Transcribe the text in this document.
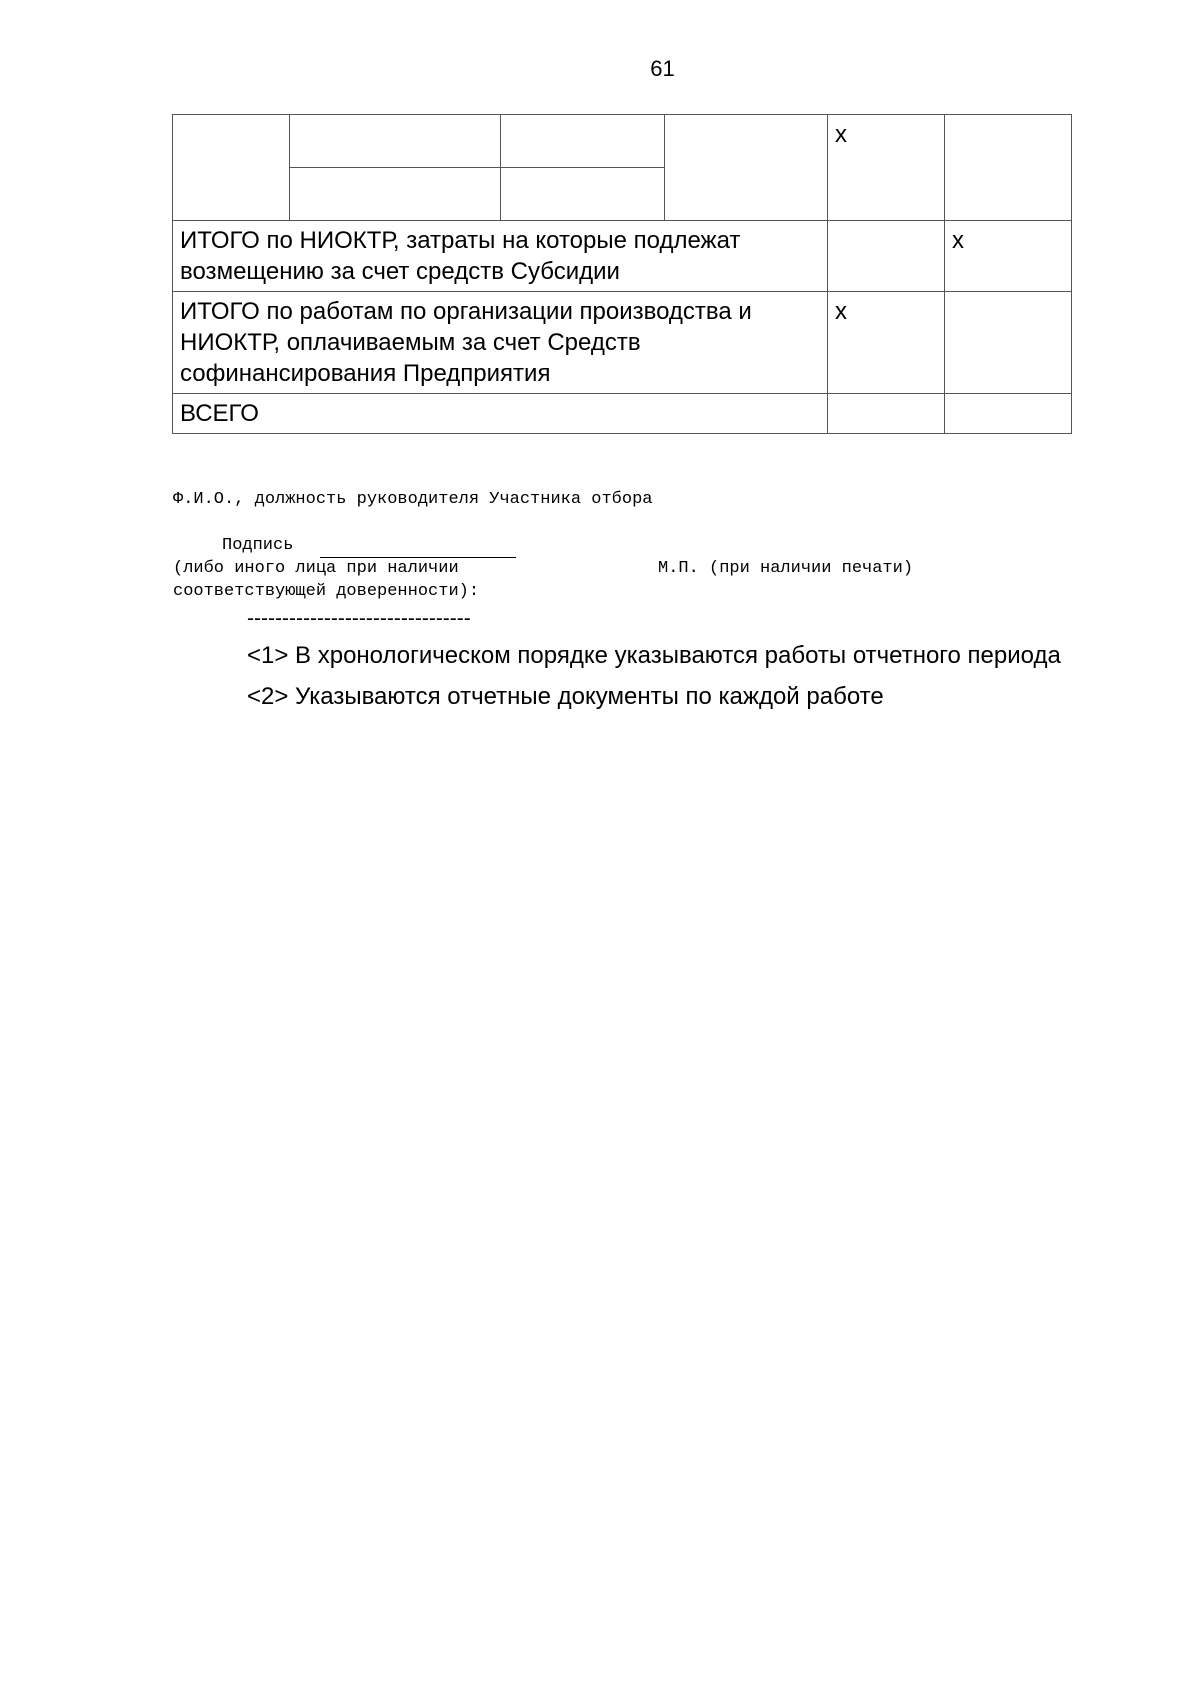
61
				x	

ИТОГО по НИОКТР, затраты на которые подлежат возмещению за счет средств Субсидии					x
ИТОГО по работам по организации производства и НИОКТР, оплачиваемым за счет Средств софинансирования Предприятия				x	
ВСЕГО					
Ф.И.О., должность руководителя Участника отбора
Подпись
(либо иного лица при наличии	М.П. (при наличии печати)
соответствующей доверенности):
--------------------------------
<1> В хронологическом порядке указываются работы отчетного периода
<2> Указываются отчетные документы по каждой работе
